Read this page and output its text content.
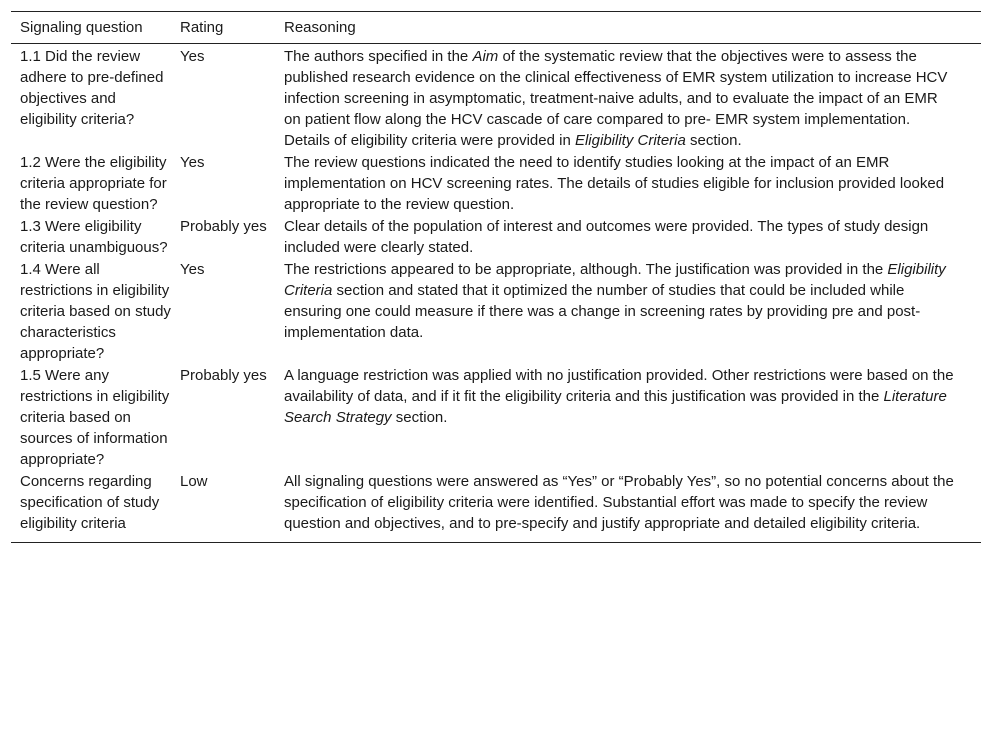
Signaling question	Rating	Reasoning
1.1 Did the review adhere to pre-defined objectives and eligibility criteria?	Yes	The authors specified in the Aim of the systematic review that the objectives were to assess the published research evidence on the clinical effectiveness of EMR system utilization to increase HCV infection screening in asymptomatic, treatment-naive adults, and to evaluate the impact of an EMR on patient flow along the HCV cascade of care compared to pre- EMR system implementation. Details of eligibility criteria were provided in Eligibility Criteria section.
1.2 Were the eligibility criteria appropriate for the review question?	Yes	The review questions indicated the need to identify studies looking at the impact of an EMR implementation on HCV screening rates. The details of studies eligible for inclusion provided looked appropriate to the review question.
1.3 Were eligibility criteria unambiguous?	Probably yes	Clear details of the population of interest and outcomes were provided. The types of study design included were clearly stated.
1.4 Were all restrictions in eligibility criteria based on study characteristics appropriate?	Yes	The restrictions appeared to be appropriate, although. The justification was provided in the Eligibility Criteria section and stated that it optimized the number of studies that could be included while ensuring one could measure if there was a change in screening rates by providing pre and post-implementation data.
1.5 Were any restrictions in eligibility criteria based on sources of information appropriate?	Probably yes	A language restriction was applied with no justification provided. Other restrictions were based on the availability of data, and if it fit the eligibility criteria and this justification was provided in the Literature Search Strategy section.
Concerns regarding specification of study eligibility criteria	Low	All signaling questions were answered as “Yes” or “Probably Yes”, so no potential concerns about the specification of eligibility criteria were identified. Substantial effort was made to specify the review question and objectives, and to pre-specify and justify appropriate and detailed eligibility criteria.
